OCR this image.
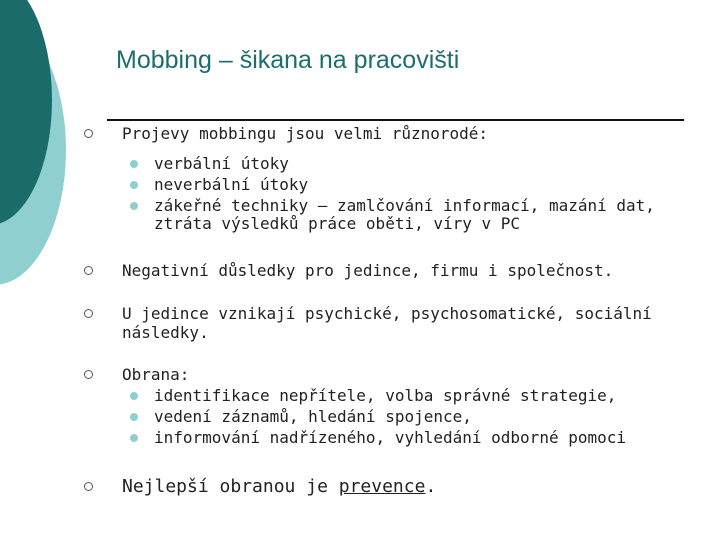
Mobbing – šikana na pracovišti
Projevy mobbingu jsou velmi různorodé:
verbální útoky
neverbální útoky
zákeřné techniky – zamlčování informací, mazání dat, ztráta výsledků práce oběti, víry v PC
Negativní důsledky pro jedince, firmu i společnost.
U jedince vznikají psychické, psychosomatické, sociální následky.
Obrana:
identifikace nepřítele, volba správné strategie,
vedení záznamů, hledání spojence,
informování nadřízeného, vyhledání odborné pomoci
Nejlepší obranou je prevence.
